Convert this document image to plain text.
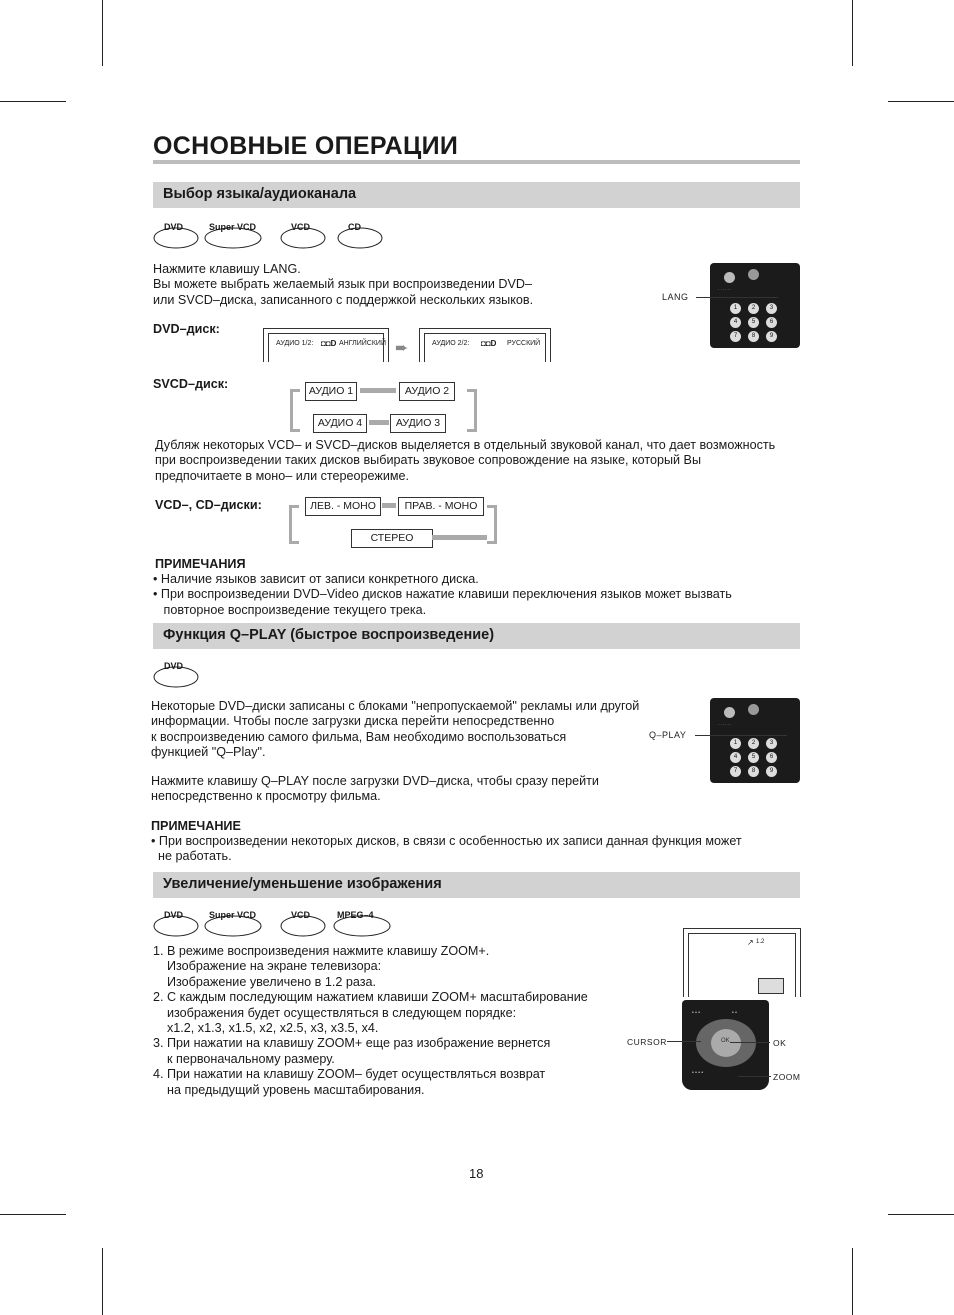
ОСНОВНЫЕ ОПЕРАЦИИ
Выбор языка/аудиоканала
DVD	Super VCD	VCD	CD
Нажмите клавишу LANG.
Вы можете выбрать желаемый язык при воспроизведении DVD–
или SVCD–диска, записанного с поддержкой нескольких языков.
· · · · · ·
1	2	3
4	5	6
7	8	9
LANG
DVD–диск:
АУДИО 1/2: ◘◘D АНГЛИЙСКИЙ ➨	АУДИО 2/2: ◘◘D РУССКИЙ
SVCD–диск:	АУДИО 1	АУДИО 2
АУДИО 4	АУДИО 3
Дубляж некоторых VCD– и SVCD–дисков выделяется в отдельный звуковой канал, что дает возможность
при воспроизведении таких дисков выбирать звуковое сопровождение на языке, который Вы
предпочитаете в моно– или стереорежиме.
VCD–, CD–диски:	ЛЕВ. - МОНО	ПРАВ. - МОНО
СТЕРЕО
ПРИМЕЧАНИЯ
• Наличие языков зависит от записи конкретного диска.
• При воспроизведении DVD–Video дисков нажатие клавиши переключения языков может вызвать
повторное воспроизведение текущего трека.
Функция Q–PLAY (быстрое воспроизведение)
DVD
Некоторые DVD–диски записаны с блоками "непропускаемой" рекламы или другой
информации. Чтобы после загрузки диска перейти непосредственно
к воспроизведению самого фильма, Вам необходимо воспользоваться
функцией "Q–Play".
Нажмите клавишу Q–PLAY после загрузки DVD–диска, чтобы сразу перейти
непосредственно к просмотру фильма.
· · · · · ·
1	2	3
4	5	6
7	8	9
Q–PLAY
ПРИМЕЧАНИЕ
• При воспроизведении некоторых дисков, в связи с особенностью их записи данная функция может
не работать.
Увеличение/уменьшение изображения
DVD	Super VCD	VCD	MPEG–4
1. В режиме воспроизведения нажмите клавишу ZOOM+.
Изображение на экране телевизора:
Изображение увеличено в 1.2 раза.
2. С каждым последующим нажатием клавиши ZOOM+ масштабирование
изображения будет осуществляться в следующем порядке:
x1.2, x1.3, x1.5, x2, x2.5, x3, x3.5, x4.
3. При нажатии на клавишу ZOOM+ еще раз изображение вернется
к первоначальному размеру.
4. При нажатии на клавишу ZOOM– будет осуществляться возврат
на предыдущий уровень масштабирования.
↗ 1.2
• • •	• •
OK
• • • •
CURSOR	OK
ZOOM
18
